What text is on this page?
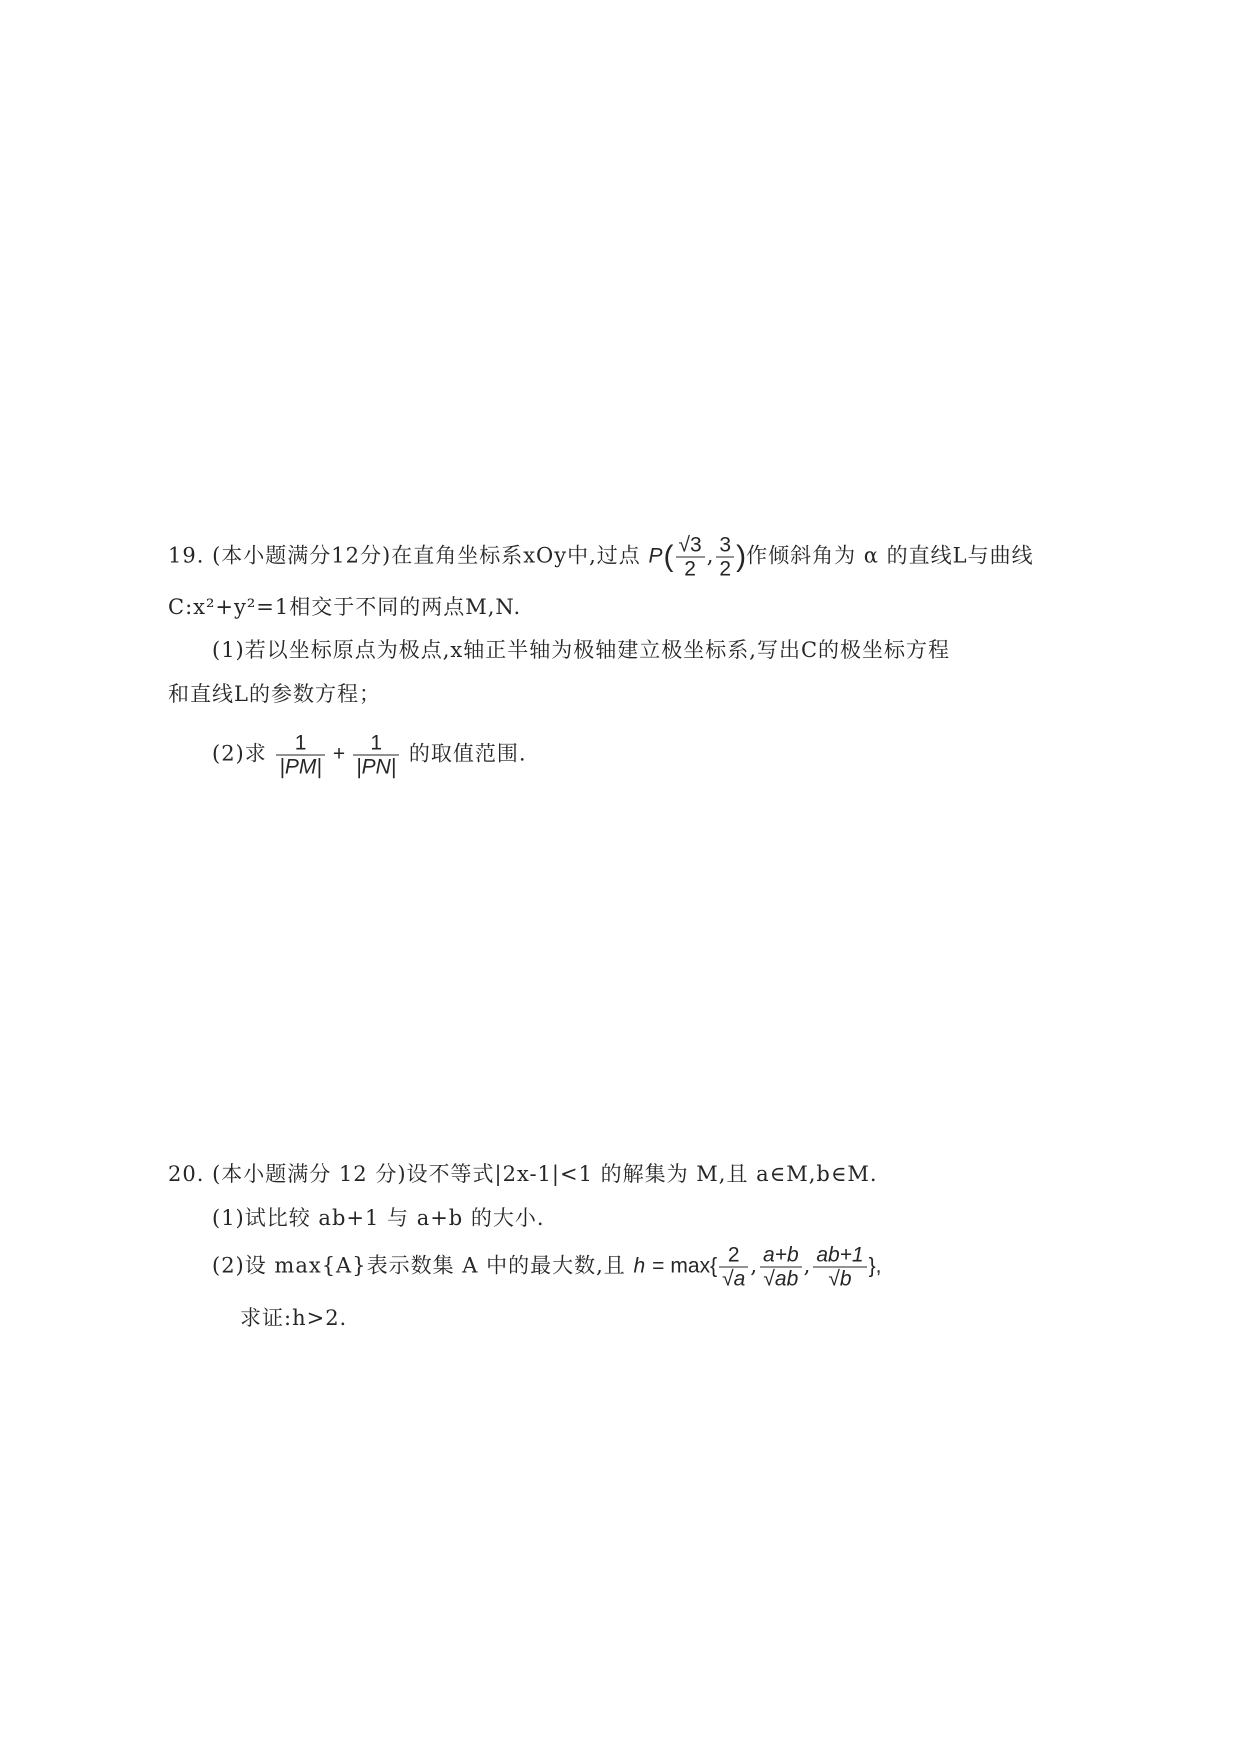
19. (本小题满分12分)在直角坐标系xOy中,过点 $P( \frac{√3}{2}$ , $\frac{3}{2}$ )作倾斜角为 α 的直线L与曲线
C:x²+y²=1相交于不同的两点M,N.
(1)若以坐标原点为极点,x轴正半轴为极轴建立极坐标系,写出C的极坐标方程
和直线L的参数方程；
(2)求 $\frac{1}{|PM|} + \frac{1}{|PN|}$ 的取值范围.
20. (本小题满分 12 分)设不等式|2x-1|<1 的解集为 M,且 a∈M,b∈M.
(1)试比较 ab+1 与 a+b 的大小.
(2)设 max{A}表示数集 A 中的最大数,且 $h = \max\{ \frac{2}{√a}$ , $\frac{a+b}{√ab}$ , $\frac{ab+1}{√b}$ },
求证:h>2.
